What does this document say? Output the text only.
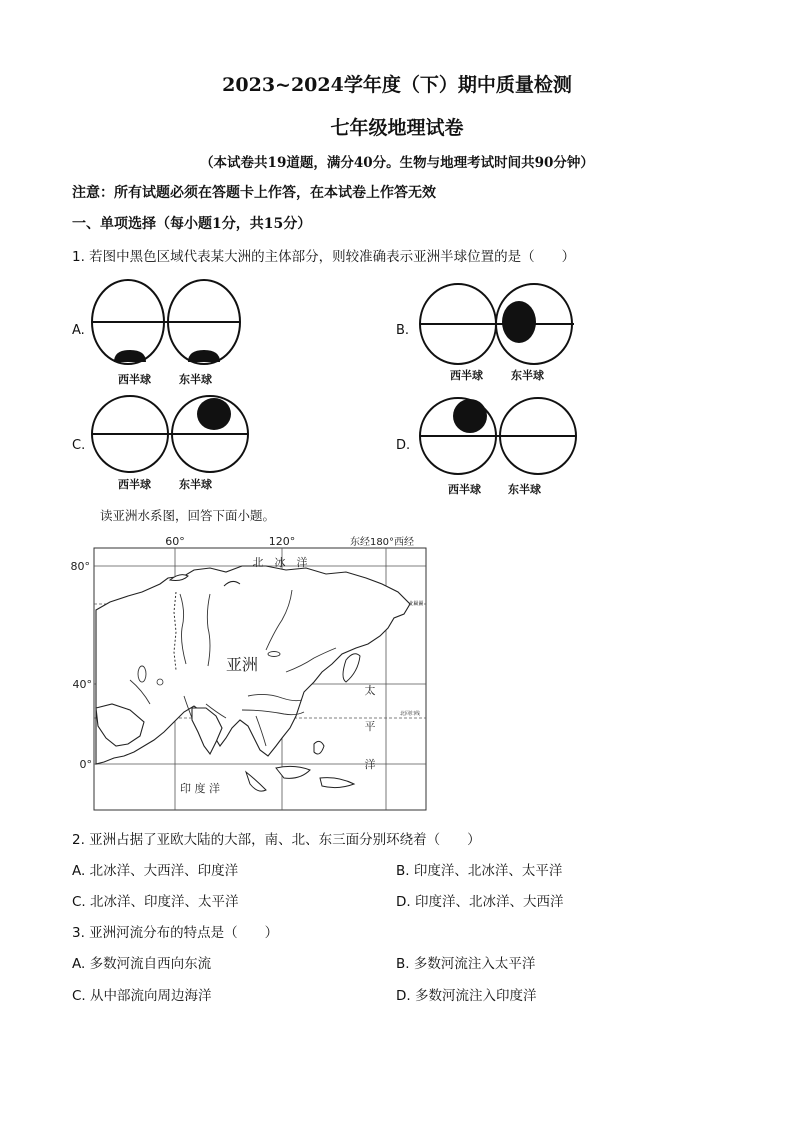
2023~2024学年度（下）期中质量检测
七年级地理试卷
（本试卷共19道题，满分40分。生物与地理考试时间共90分钟）
注意：所有试题必须在答题卡上作答，在本试卷上作答无效
一、单项选择（每小题1分，共15分）
1. 若图中黑色区域代表某大洲的主体部分，则较准确表示亚洲半球位置的是（　　）
A.
西半球	东半球
B.
西半球	东半球
C.
西半球	东半球
D.
西半球 东半球
读亚洲水系图，回答下面小题。
60°	120°	东经180°西经
80°
40°
0°
北　冰　洋
亚洲
太
平
洋
印 度 洋
北极圈
北回归线
2. 亚洲占据了亚欧大陆的大部，南、北、东三面分别环绕着（　　）
A. 北冰洋、大西洋、印度洋	B. 印度洋、北冰洋、太平洋
C. 北冰洋、印度洋、太平洋	D. 印度洋、北冰洋、大西洋
3. 亚洲河流分布的特点是（　　）
A. 多数河流自西向东流	B. 多数河流注入太平洋
C. 从中部流向周边海洋	D. 多数河流注入印度洋
